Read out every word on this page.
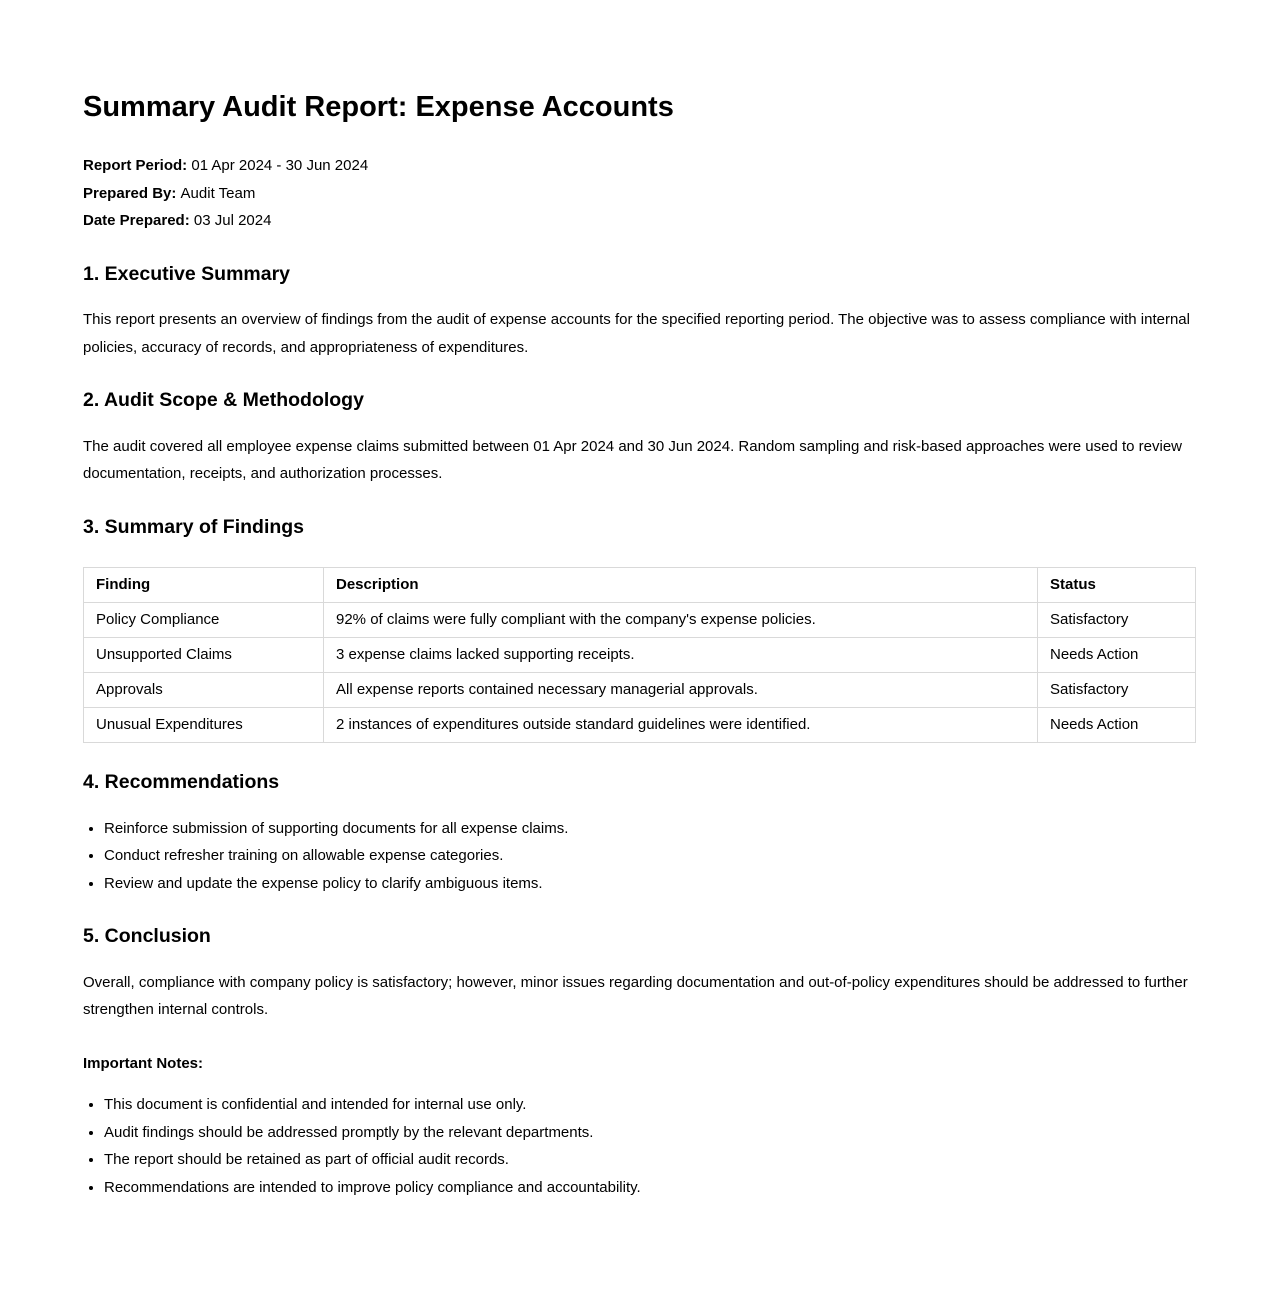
Summary Audit Report: Expense Accounts

Report Period: 01 Apr 2024 - 30 Jun 2024

Prepared By: Audit Team

Date Prepared: 03 Jul 2024

1. Executive Summary

This report presents an overview of findings from the audit of expense accounts for the specified reporting period. The objective was to assess compliance with internal policies, accuracy of records, and appropriateness of expenditures.

2. Audit Scope & Methodology

The audit covered all employee expense claims submitted between 01 Apr 2024 and 30 Jun 2024. Random sampling and risk-based approaches were used to review documentation, receipts, and authorization processes.

3. Summary of Findings
Finding	Description	Status
Policy Compliance	92% of claims were fully compliant with the company's expense policies.	Satisfactory
Unsupported Claims	3 expense claims lacked supporting receipts.	Needs Action
Approvals	All expense reports contained necessary managerial approvals.	Satisfactory
Unusual Expenditures	2 instances of expenditures outside standard guidelines were identified.	Needs Action
4. Recommendations
• Reinforce submission of supporting documents for all expense claims.
• Conduct refresher training on allowable expense categories.
• Review and update the expense policy to clarify ambiguous items.
5. Conclusion

Overall, compliance with company policy is satisfactory; however, minor issues regarding documentation and out-of-policy expenditures should be addressed to further strengthen internal controls.

Important Notes:

• This document is confidential and intended for internal use only.
• Audit findings should be addressed promptly by the relevant departments.
• The report should be retained as part of official audit records.
• Recommendations are intended to improve policy compliance and accountability.
